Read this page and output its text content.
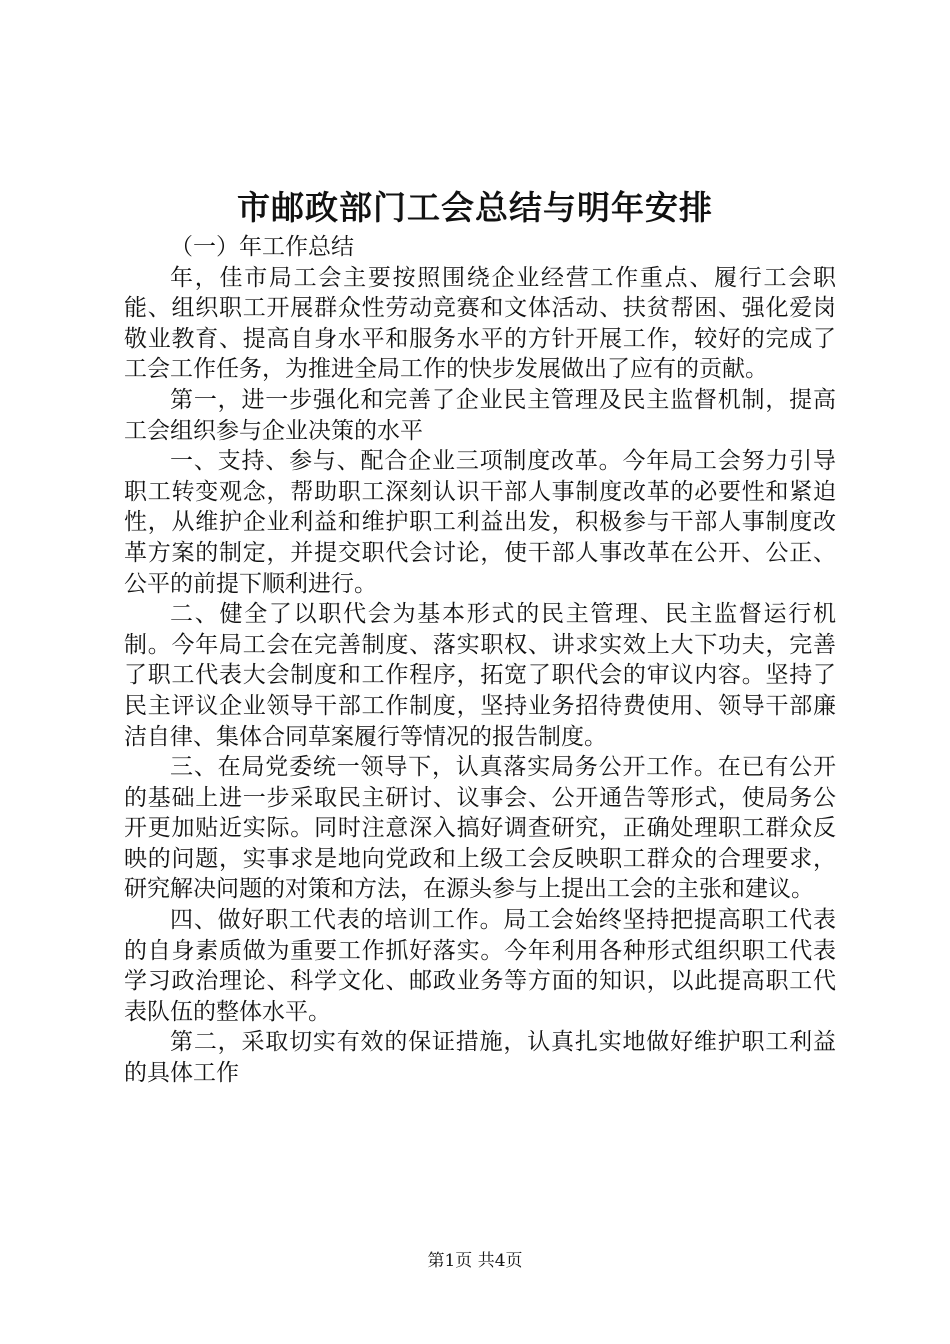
市邮政部门工会总结与明年安排

（一）年工作总结

年，佳市局工会主要按照围绕企业经营工作重点、履行工会职能、组织职工开展群众性劳动竞赛和文体活动、扶贫帮困、强化爱岗敬业教育、提高自身水平和服务水平的方针开展工作，较好的完成了工会工作任务，为推进全局工作的快步发展做出了应有的贡献。

第一，进一步强化和完善了企业民主管理及民主监督机制，提高工会组织参与企业决策的水平

一、支持、参与、配合企业三项制度改革。今年局工会努力引导职工转变观念，帮助职工深刻认识干部人事制度改革的必要性和紧迫性，从维护企业利益和维护职工利益出发，积极参与干部人事制度改革方案的制定，并提交职代会讨论，使干部人事改革在公开、公正、公平的前提下顺利进行。

二、健全了以职代会为基本形式的民主管理、民主监督运行机制。今年局工会在完善制度、落实职权、讲求实效上大下功夫，完善了职工代表大会制度和工作程序，拓宽了职代会的审议内容。坚持了民主评议企业领导干部工作制度，坚持业务招待费使用、领导干部廉洁自律、集体合同草案履行等情况的报告制度。

三、在局党委统一领导下，认真落实局务公开工作。在已有公开的基础上进一步采取民主研讨、议事会、公开通告等形式，使局务公开更加贴近实际。同时注意深入搞好调查研究，正确处理职工群众反映的问题，实事求是地向党政和上级工会反映职工群众的合理要求，研究解决问题的对策和方法，在源头参与上提出工会的主张和建议。

四、做好职工代表的培训工作。局工会始终坚持把提高职工代表的自身素质做为重要工作抓好落实。今年利用各种形式组织职工代表学习政治理论、科学文化、邮政业务等方面的知识，以此提高职工代表队伍的整体水平。

第二，采取切实有效的保证措施，认真扎实地做好维护职工利益的具体工作

第1页 共4页
